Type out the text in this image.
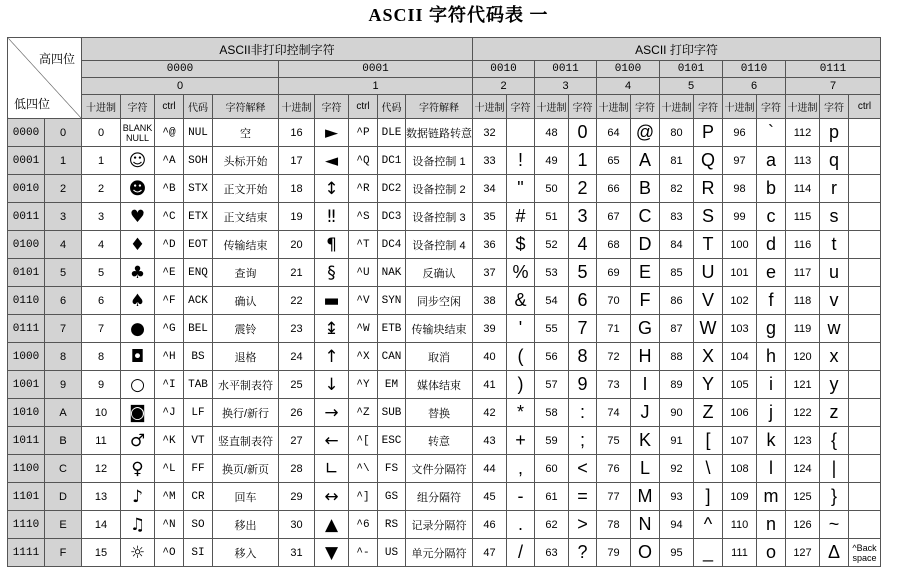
ASCII 字符代码表 一
高四位
低四位		ASCII非打印控制字符										ASCII 打印字符												
		0000					0001					0010		0011		0100		0101		0110		0111		
		0					1					2		3		4		5		6		7		
		十进制	字符	ctrl	代码	字符解释	十进制	字符	ctrl	代码	字符解释	十进制	字符	十进制	字符	十进制	字符	十进制	字符	十进制	字符	十进制	字符	ctrl
0000	0	0	BLANK NULL	^@	NUL	空	16	►	^P	DLE	数据链路转意	32		48	0	64	@	80	P	96	`	112	p	
0001	1	1	☺	^A	SOH	头标开始	17	◄	^Q	DC1	设备控制 1	33	!	49	1	65	A	81	Q	97	a	113	q	
0010	2	2	☻	^B	STX	正文开始	18	↕	^R	DC2	设备控制 2	34	"	50	2	66	B	82	R	98	b	114	r	
0011	3	3	♥	^C	ETX	正文结束	19	‼	^S	DC3	设备控制 3	35	#	51	3	67	C	83	S	99	c	115	s	
0100	4	4	♦	^D	EOT	传输结束	20	¶	^T	DC4	设备控制 4	36	$	52	4	68	D	84	T	100	d	116	t	
0101	5	5	♣	^E	ENQ	查询	21	§	^U	NAK	反确认	37	%	53	5	69	E	85	U	101	e	117	u	
0110	6	6	♠	^F	ACK	确认	22	▬	^V	SYN	同步空闲	38	&	54	6	70	F	86	V	102	f	118	v	
0111	7	7	●	^G	BEL	震铃	23	↨	^W	ETB	传输块结束	39	'	55	7	71	G	87	W	103	g	119	w	
1000	8	8	◘	^H	BS	退格	24	↑	^X	CAN	取消	40	(	56	8	72	H	88	X	104	h	120	x	
1001	9	9	○	^I	TAB	水平制表符	25	↓	^Y	EM	媒体结束	41	)	57	9	73	I	89	Y	105	i	121	y	
1010	A	10	◙	^J	LF	换行/新行	26	→	^Z	SUB	替换	42	*	58	:	74	J	90	Z	106	j	122	z	
1011	B	11	♂	^K	VT	竖直制表符	27	←	^[	ESC	转意	43	+	59	;	75	K	91	[	107	k	123	{	
1100	C	12	♀	^L	FF	换页/新页	28	∟	^\	FS	文件分隔符	44	,	60	<	76	L	92	\	108	l	124	|	
1101	D	13	♪	^M	CR	回车	29	↔	^]	GS	组分隔符	45	-	61	=	77	M	93	]	109	m	125	}	
1110	E	14	♫	^N	SO	移出	30	▲	^6	RS	记录分隔符	46	.	62	>	78	N	94	^	110	n	126	~	
1111	F	15	☼	^O	SI	移入	31	▼	^-	US	单元分隔符	47	/	63	?	79	O	95	_	111	o	127	Δ	^Back space
